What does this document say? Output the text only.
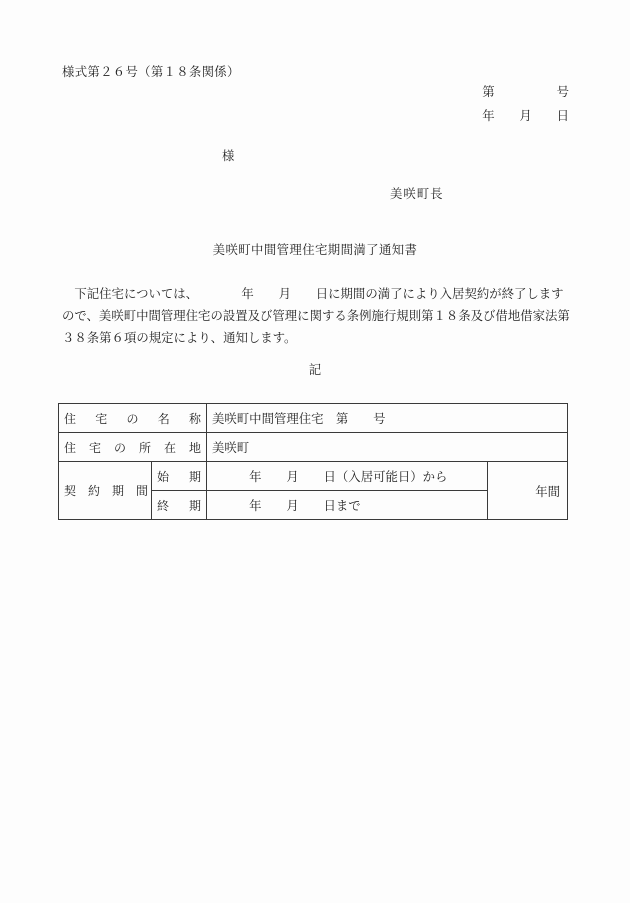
様式第２６号（第１８条関係）
第　　　　　号
年　　月　　日
様
美咲町長
美咲町中間管理住宅期間満了通知書
　下記住宅については、　　　　年　　月　　日に期間の満了により入居契約が終了します
ので、美咲町中間管理住宅の設置及び管理に関する条例施行規則第１８条及び借地借家法第
３８条第６項の規定により、通知します。
記
住　宅　の　名　称		美咲町中間管理住宅　第　　号	
住　宅　の　所　在　地		美咲町	
契　約　期　間	始　期	　　　年　　月　　日（入居可能日）から	年間
	終　期	　　　年　　月　　日まで	
